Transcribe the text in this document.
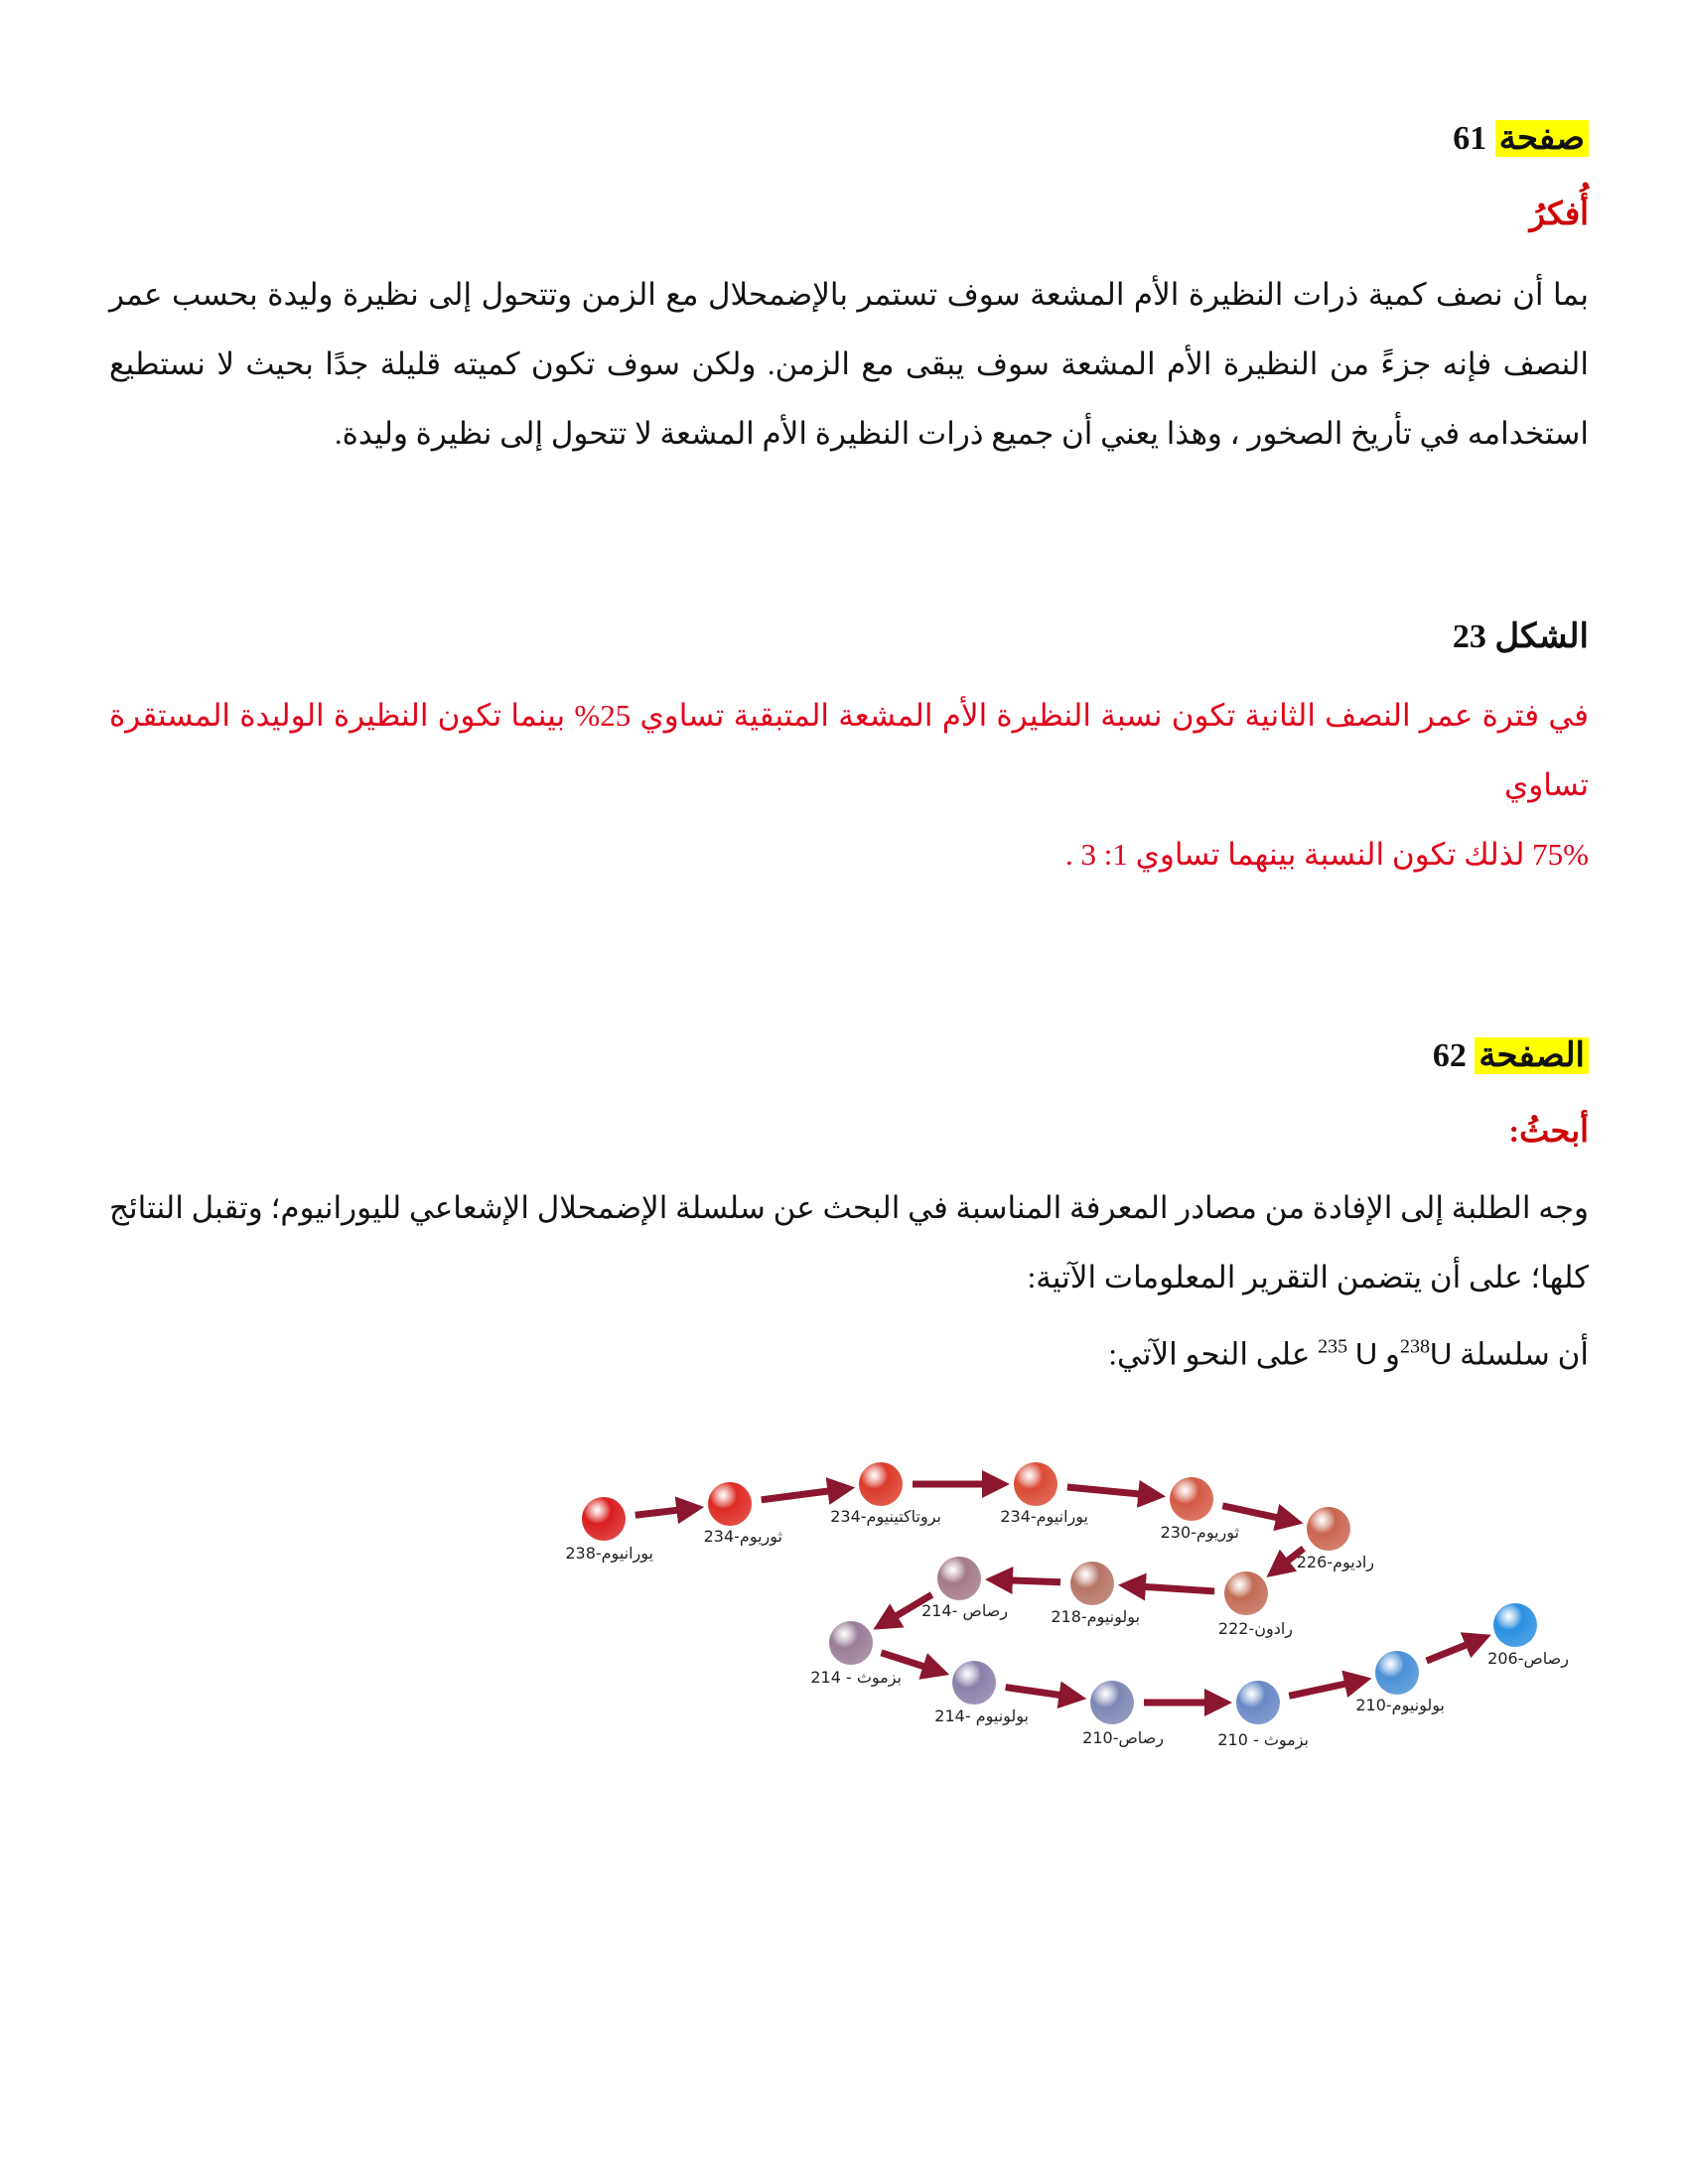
صفحة 61
أُفكرُ
بما أن نصف كمية ذرات النظيرة الأم المشعة سوف تستمر بالإضمحلال مع الزمن وتتحول إلى نظيرة وليدة بحسب عمر النصف فإنه جزءً من النظيرة الأم المشعة سوف يبقى مع الزمن. ولكن سوف تكون كميته قليلة جدًا بحيث لا نستطيع استخدامه في تأريخ الصخور ، وهذا يعني أن جميع ذرات النظيرة الأم المشعة لا تتحول إلى نظيرة وليدة.
الشكل 23
في فترة عمر النصف الثانية تكون نسبة النظيرة الأم المشعة المتبقية تساوي 25% بينما تكون النظيرة الوليدة المستقرة تساوي
75% لذلك تكون النسبة بينهما تساوي 1: 3 .
الصفحة 62
أبحثُ:
وجه الطلبة إلى الإفادة من مصادر المعرفة المناسبة في البحث عن سلسلة الإضمحلال الإشعاعي لليورانيوم؛ وتقبل النتائج كلها؛ على أن يتضمن التقرير المعلومات الآتية:
أن سلسلة $^{238}$Uو $^{235}$ U على النحو الآتي:
يورانيوم-238
ثوريوم-234
بروتاكتينيوم-234	يورانيوم-234
ثوريوم-230
راديوم-226
رادون-222
بولونيوم-218
رصاص -214
بزموث - 214
بولونيوم -214
رصاص-210	بزموث - 210
بولونيوم-210
رصاص-206
